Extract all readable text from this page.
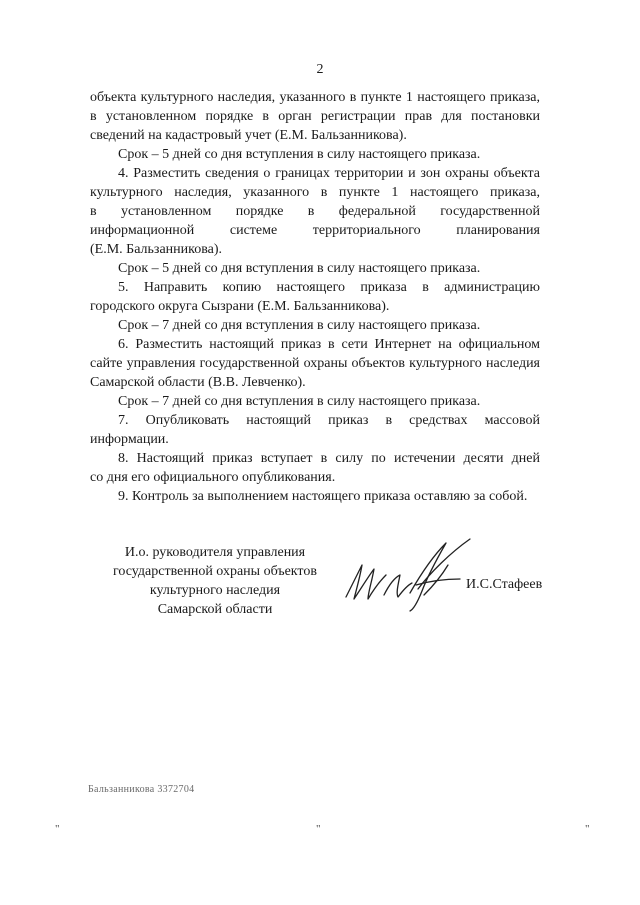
2
объекта культурного наследия, указанного в пункте 1 настоящего приказа,
в установленном порядке в орган регистрации прав для постановки
сведений на кадастровый учет (Е.М. Бальзанникова).
Срок – 5 дней со дня вступления в силу настоящего приказа.
4. Разместить сведения о границах территории и зон охраны объекта
культурного наследия, указанного в пункте 1 настоящего приказа,
в установленном порядке в федеральной государственной
информационной системе территориального планирования
(Е.М. Бальзанникова).
Срок – 5 дней со дня вступления в силу настоящего приказа.
5. Направить копию настоящего приказа в администрацию
городского округа Сызрани (Е.М. Бальзанникова).
Срок – 7 дней со дня вступления в силу настоящего приказа.
6. Разместить настоящий приказ в сети Интернет на официальном
сайте управления государственной охраны объектов культурного наследия
Самарской области (В.В. Левченко).
Срок – 7 дней со дня вступления в силу настоящего приказа.
7. Опубликовать настоящий приказ в средствах массовой
информации.
8. Настоящий приказ вступает в силу по истечении десяти дней
со дня его официального опубликования.
9. Контроль за выполнением настоящего приказа оставляю за собой.
И.о. руководителя управления
государственной охраны объектов
культурного наследия
Самарской области
И.С.Стафеев
Бальзанникова 3372704
"	"	"
